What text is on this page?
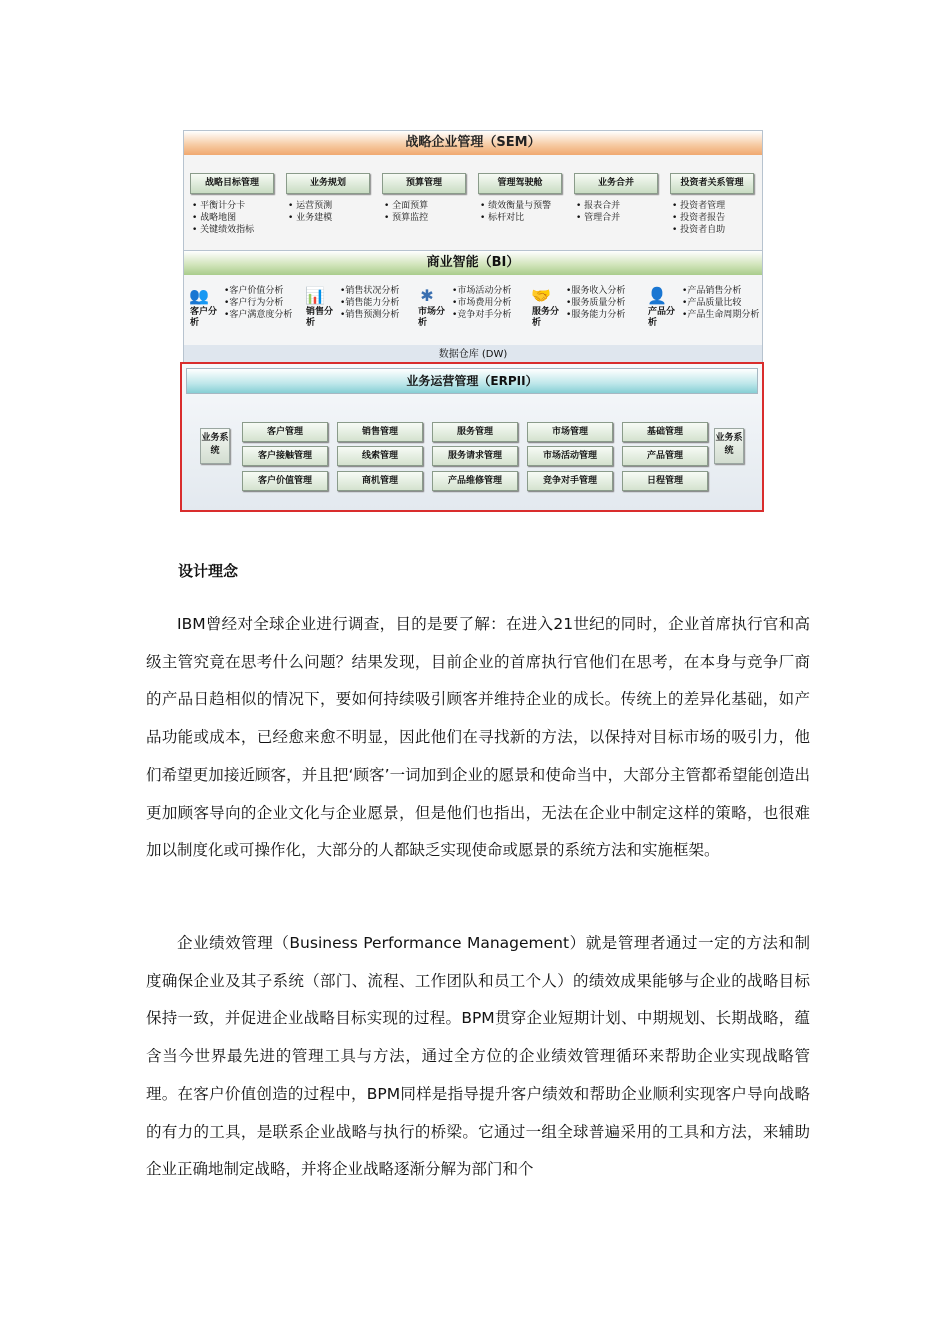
战略企业管理（SEM）
战略目标管理
• 平衡计分卡
• 战略地图
• 关键绩效指标
业务规划
• 运营预测
• 业务建模
预算管理
• 全面预算
• 预算监控
管理驾驶舱
• 绩效衡量与预警
• 标杆对比
业务合并
• 报表合并
• 管理合并
投资者关系管理
• 投资者管理
• 投资者报告
• 投资者自助
商业智能（BI）
👥
客户分析
• 客户价值分析
• 客户行为分析
• 客户满意度分析
📊
销售分析
• 销售状况分析
• 销售能力分析
• 销售预测分析
✱
市场分析
• 市场活动分析
• 市场费用分析
• 竞争对手分析
🤝
服务分析
• 服务收入分析
• 服务质量分析
• 服务能力分析
👤
产品分析
• 产品销售分析
• 产品质量比较
• 产品生命周期分析
数据仓库 (DW)
业务运营管理（ERPII）
业务系统
业务系统
客户管理	销售管理	服务管理	市场管理	基础管理
客户接触管理	线索管理	服务请求管理	市场活动管理	产品管理
客户价值管理	商机管理	产品维修管理	竞争对手管理	日程管理
设计理念

IBM曾经对全球企业进行调查，目的是要了解：在进入21世纪的同时，企业首席执行官和高级主管究竟在思考什么问题？结果发现，目前企业的首席执行官他们在思考，在本身与竞争厂商的产品日趋相似的情况下，要如何持续吸引顾客并维持企业的成长。传统上的差异化基础，如产品功能或成本，已经愈来愈不明显，因此他们在寻找新的方法，以保持对目标市场的吸引力，他们希望更加接近顾客，并且把‘顾客’一词加到企业的愿景和使命当中，大部分主管都希望能创造出更加顾客导向的企业文化与企业愿景，但是他们也指出，无法在企业中制定这样的策略，也很难加以制度化或可操作化，大部分的人都缺乏实现使命或愿景的系统方法和实施框架。

企业绩效管理（Business Performance Management）就是管理者通过一定的方法和制度确保企业及其子系统（部门、流程、工作团队和员工个人）的绩效成果能够与企业的战略目标保持一致，并促进企业战略目标实现的过程。BPM贯穿企业短期计划、中期规划、长期战略，蕴含当今世界最先进的管理工具与方法，通过全方位的企业绩效管理循环来帮助企业实现战略管理。在客户价值创造的过程中，BPM同样是指导提升客户绩效和帮助企业顺利实现客户导向战略的有力的工具，是联系企业战略与执行的桥梁。它通过一组全球普遍采用的工具和方法，来辅助企业正确地制定战略，并将企业战略逐渐分解为部门和个
